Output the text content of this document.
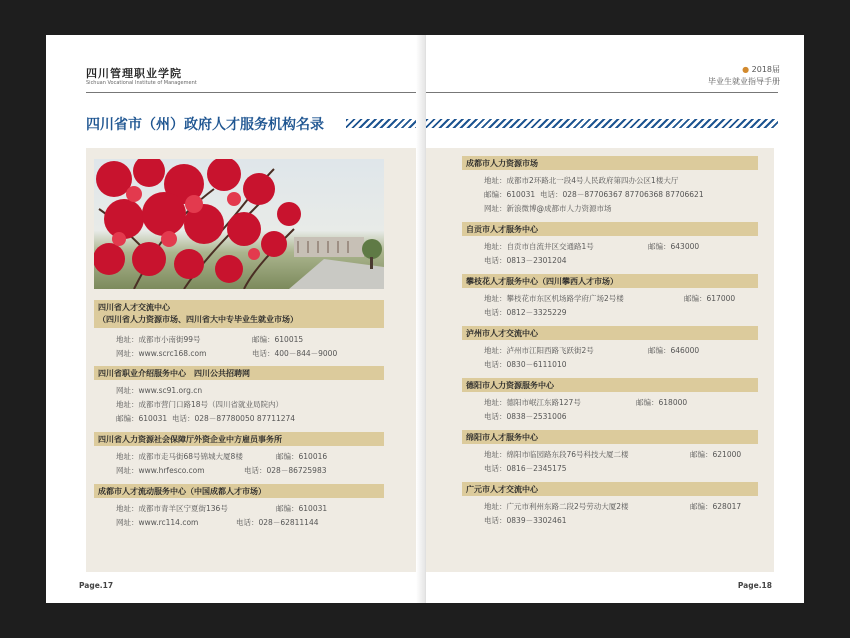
四川管理职业学院
Sichuan Vocational Institute of Management
四川省市（州）政府人才服务机构名录
四川省人才交流中心
（四川省人力资源市场、四川省大中专毕业生就业市场）
地址：成都市小南街99号	邮编：610015
网址：www.scrc168.com	电话：400－844－9000
四川省职业介绍服务中心　四川公共招聘网
网址：www.sc91.org.cn
地址：成都市营门口路18号（四川省就业局院内）
邮编：610031 电话：028－87780050 87711274
四川省人力资源社会保障厅外资企业中方雇员事务所
地址：成都市走马街68号锦城大厦8楼	邮编：610016
网址：www.hrfesco.com	电话：028－86725983
成都市人才流动服务中心（中国成都人才市场）
地址：成都市青羊区宁夏街136号	邮编：610031
网址：www.rc114.com	电话：028－62811144
Page.17
● 2018届
毕业生就业指导手册
成都市人力资源市场
地址：成都市2环路北一段4号人民政府第四办公区1楼大厅
邮编：610031 电话：028－87706367 87706368 87706621
网址：新浪微博@成都市人力资源市场
自贡市人才服务中心
地址：自贡市自流井区交通路1号	邮编：643000
电话：0813－2301204
攀枝花人才服务中心（四川攀西人才市场）
地址：攀枝花市东区机场路学府广场2号楼	邮编：617000
电话：0812－3325229
泸州市人才交流中心
地址：泸州市江阳西路飞跃街2号	邮编：646000
电话：0830－6111010
德阳市人力资源服务中心
地址：德阳市岷江东路127号	邮编：618000
电话：0838－2531006
绵阳市人才服务中心
地址：绵阳市临园路东段76号科技大厦二楼	邮编：621000
电话：0816－2345175
广元市人才交流中心
地址：广元市利州东路二段2号劳动大厦2楼	邮编：628017
电话：0839－3302461
Page.18
